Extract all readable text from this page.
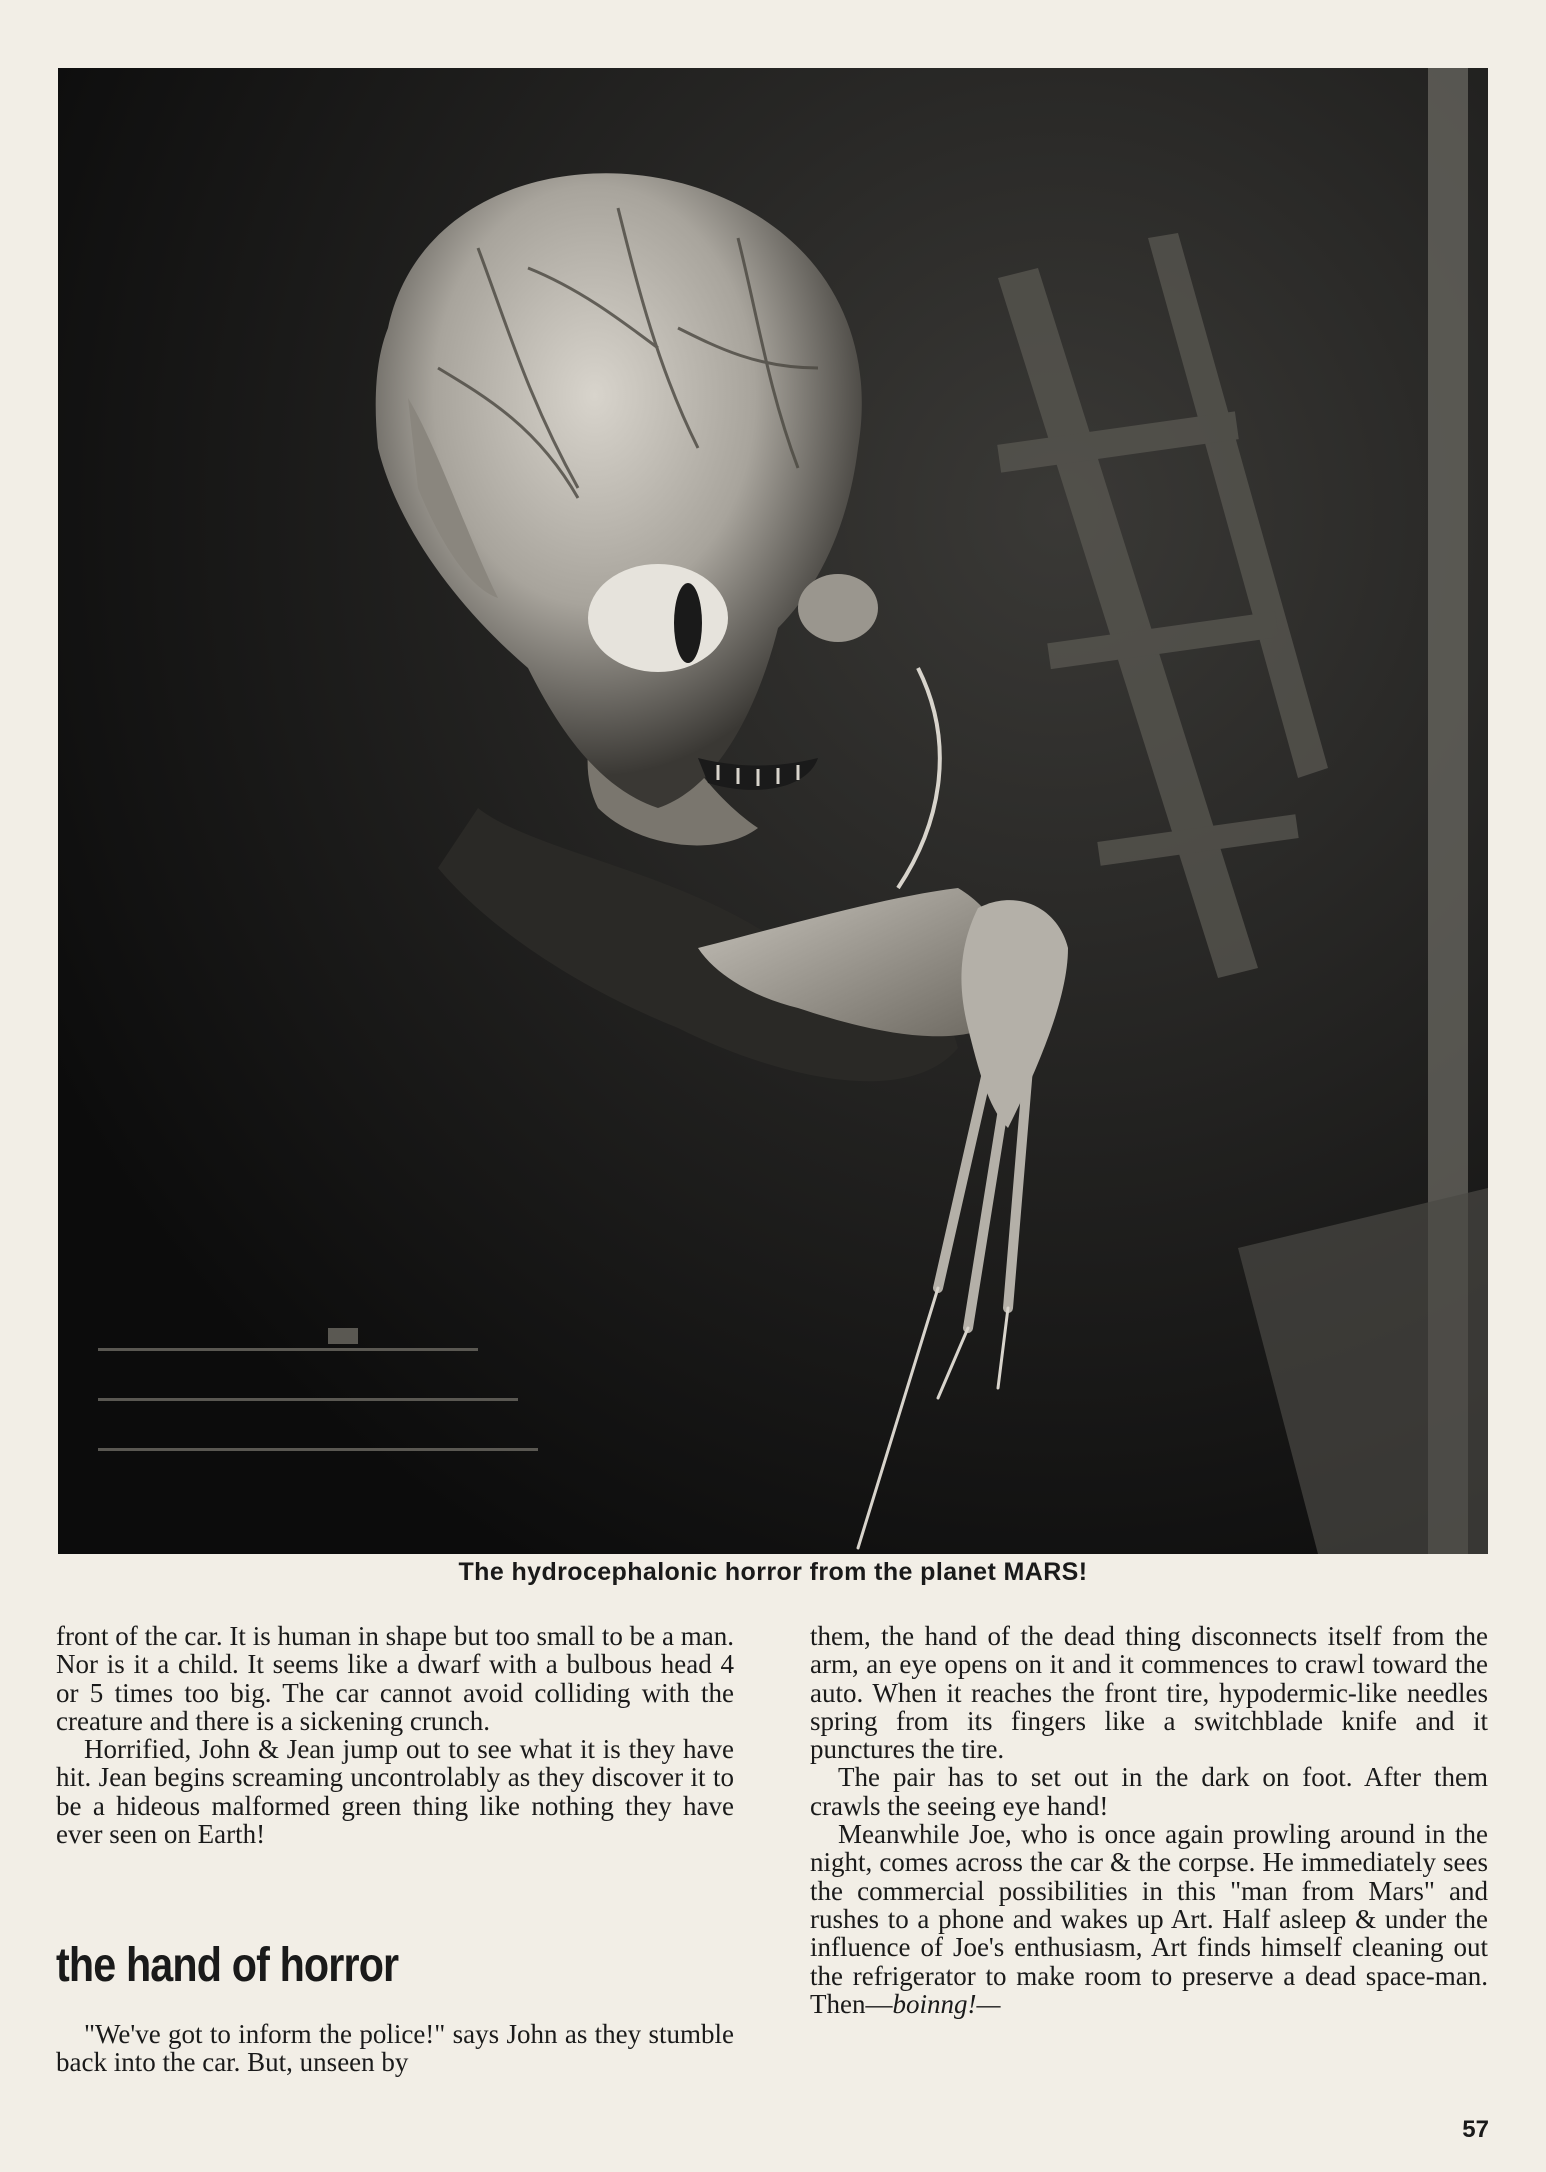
The hydrocephalonic horror from the planet MARS!

front of the car. It is human in shape but too small to be a man. Nor is it a child. It seems like a dwarf with a bulbous head 4 or 5 times too big. The car cannot avoid colliding with the creature and there is a sickening crunch.

Horrified, John & Jean jump out to see what it is they have hit. Jean begins screaming uncontrolably as they discover it to be a hideous malformed green thing like nothing they have ever seen on Earth!

the hand of horror

"We've got to inform the police!" says John as they stumble back into the car. But, unseen by

them, the hand of the dead thing disconnects itself from the arm, an eye opens on it and it commences to crawl toward the auto. When it reaches the front tire, hypodermic-like needles spring from its fingers like a switchblade knife and it punctures the tire.

The pair has to set out in the dark on foot. After them crawls the seeing eye hand!

Meanwhile Joe, who is once again prowling around in the night, comes across the car & the corpse. He immediately sees the commercial possibilities in this "man from Mars" and rushes to a phone and wakes up Art. Half asleep & under the influence of Joe's enthusiasm, Art finds himself cleaning out the refrigerator to make room to preserve a dead space-man. Then—boinng!—

57
